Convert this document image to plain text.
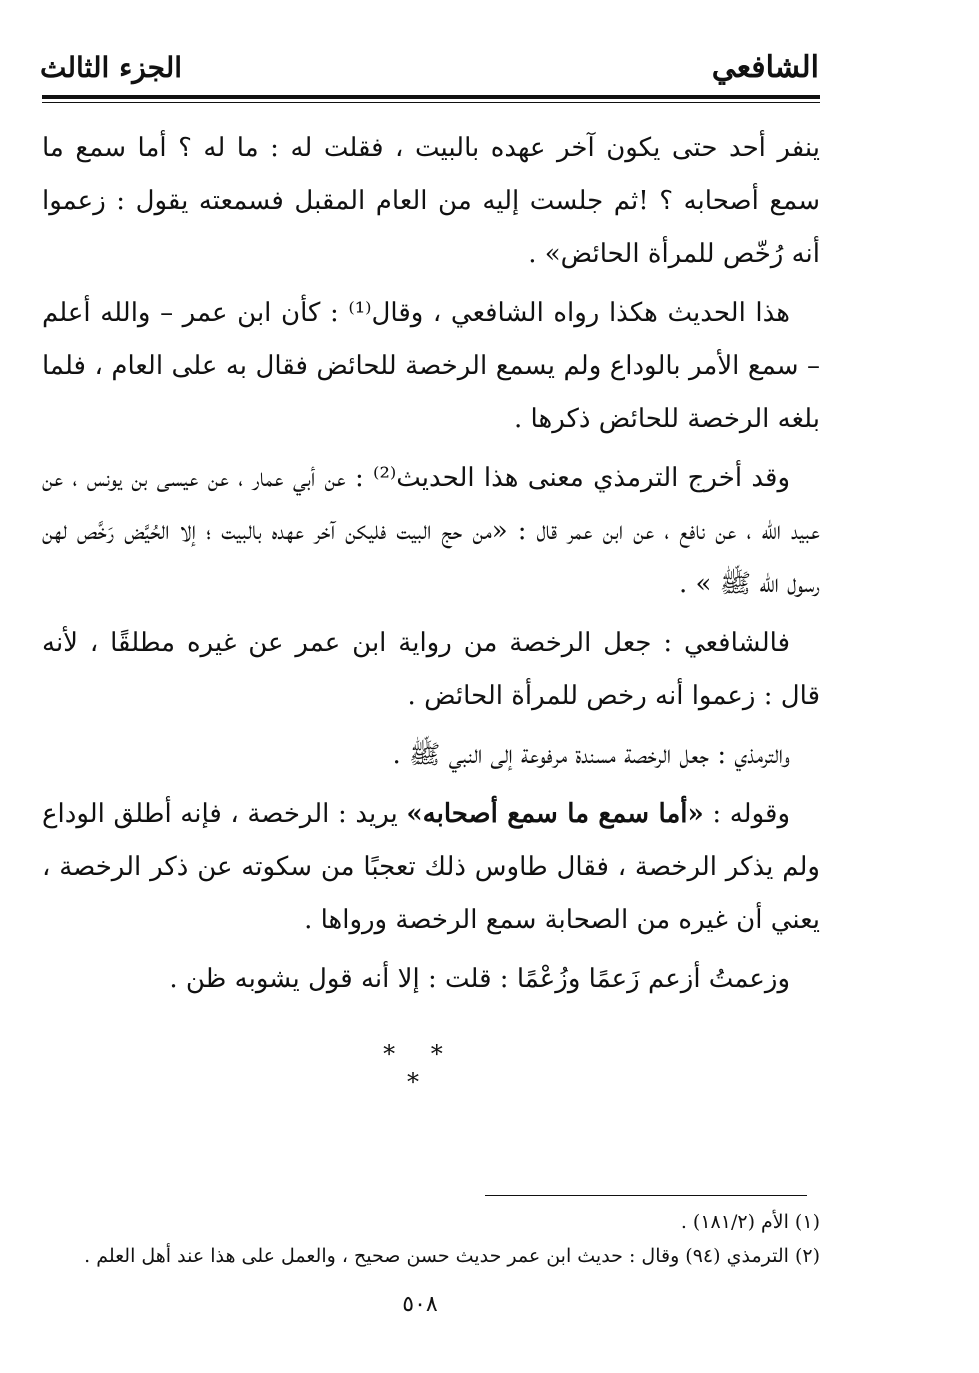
الشافعي
الجزء الثالث

ينفر أحد حتى يكون آخر عهده بالبيت ، فقلت له : ما له ؟ أما سمع ما سمع أصحابه ؟ !ثم جلست إليه من العام المقبل فسمعته يقول : زعموا أنه رُخّص للمرأة الحائض» .

هذا الحديث هكذا رواه الشافعي ، وقال⁽¹⁾ : كأن ابن عمر – والله أعلم – سمع الأمر بالوداع ولم يسمع الرخصة للحائض فقال به على العام ، فلما بلغه الرخصة للحائض ذكرها .

وقد أخرج الترمذي معنى هذا الحديث⁽²⁾ : عن أبي عمار ، عن عيسى بن يونس ، عن عبيد الله ، عن نافع ، عن ابن عمر قال : «من حج البيت فليكن آخر عهده بالبيت ؛ إلا الحُيَّض رَخَّص لهن رسول الله ﷺ » .

فالشافعي : جعل الرخصة من رواية ابن عمر عن غيره مطلقًا ، لأنه قال : زعموا أنه رخص للمرأة الحائض .

والترمذي : جعل الرخصة مسندة مرفوعة إلى النبي ﷺ .

وقوله : «أما سمع ما سمع أصحابه» يريد : الرخصة ، فإنه أطلق الوداع ولم يذكر الرخصة ، فقال طاوس ذلك تعجبًا من سكوته عن ذكر الرخصة ، يعني أن غيره من الصحابة سمع الرخصة ورواها .

وزعمتُ أزعم زَعمًا وزُعْمًا : قلت : إلا أنه قول يشوبه ظن .

* * *

(١) الأم (١٨١/٢) .

(٢) الترمذي (٩٤) وقال : حديث ابن عمر حديث حسن صحيح ، والعمل على هذا عند أهل العلم .

٥٠٨
